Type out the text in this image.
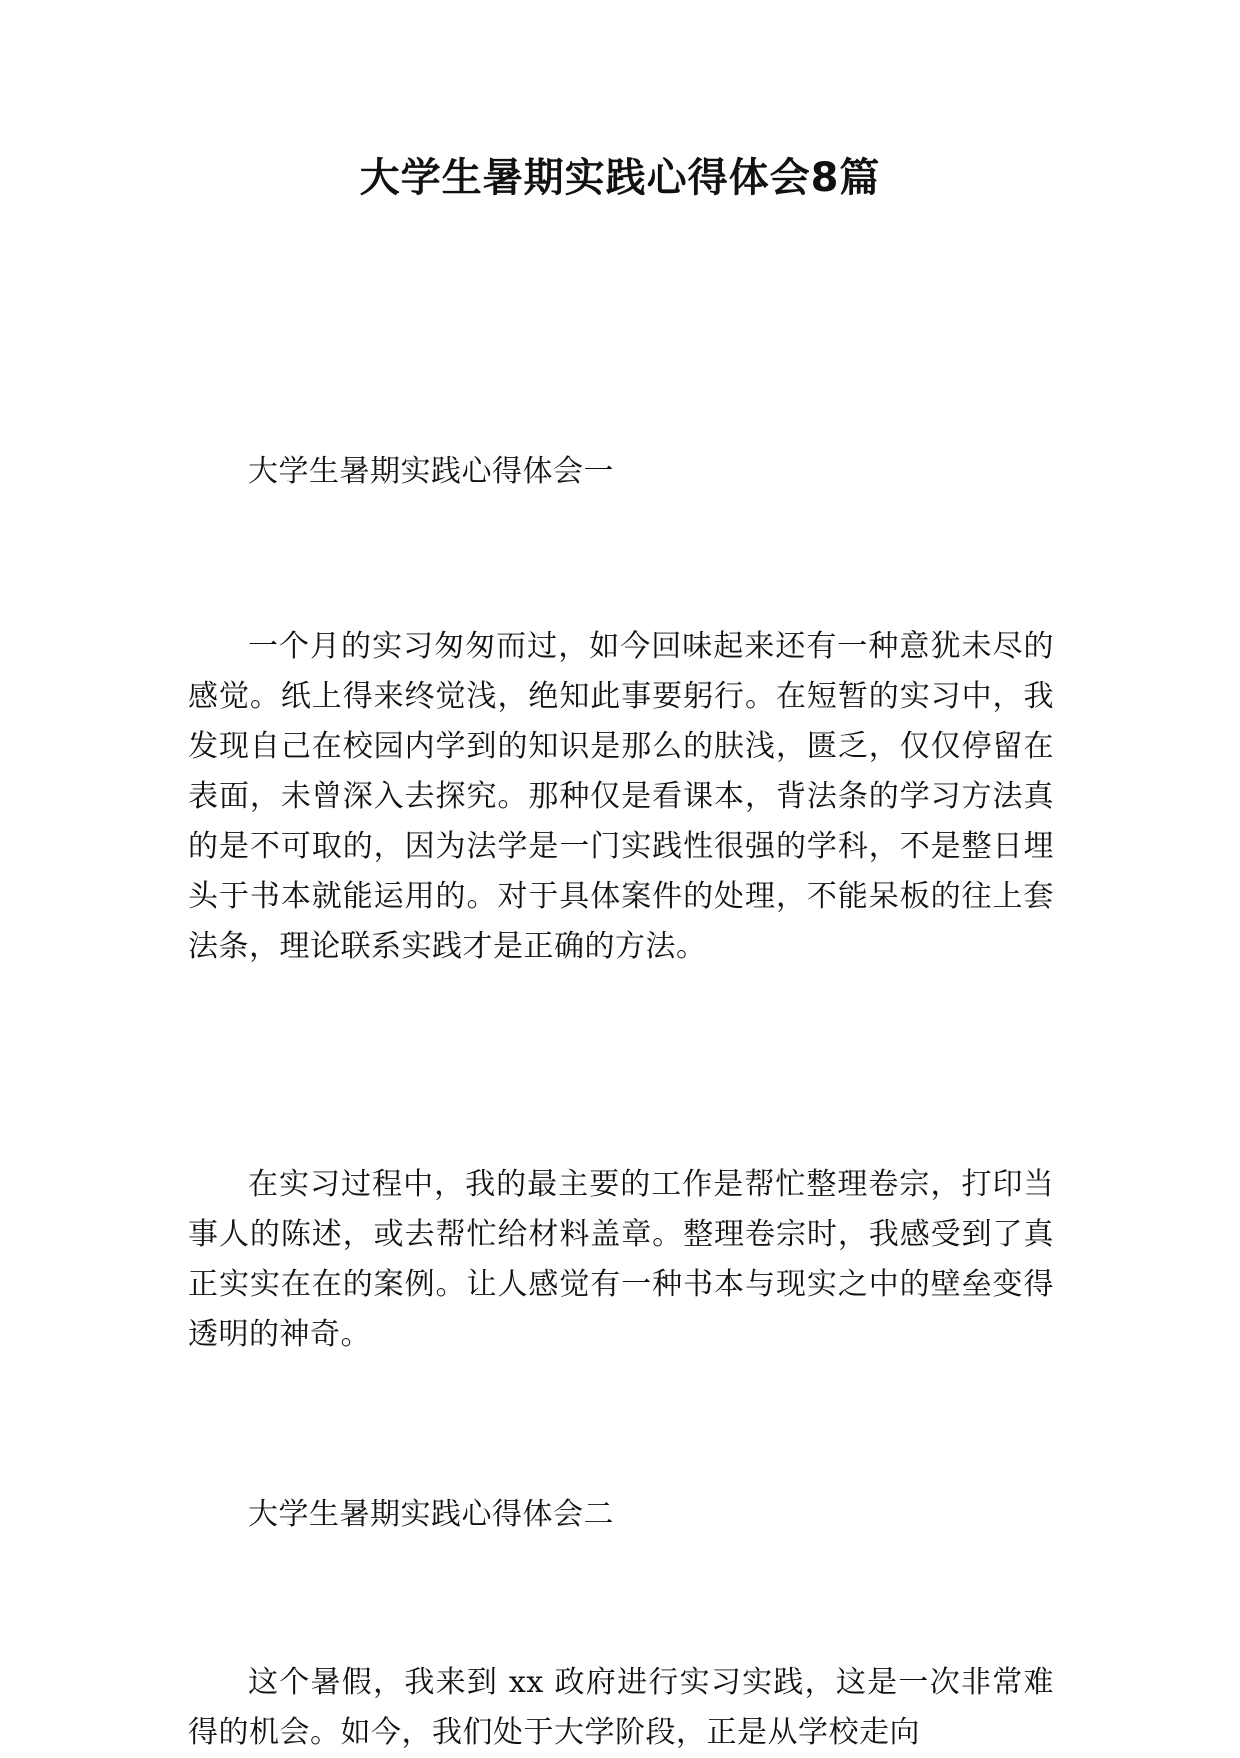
大学生暑期实践心得体会8篇

大学生暑期实践心得体会一

一个月的实习匆匆而过，如今回味起来还有一种意犹未尽的感觉。纸上得来终觉浅，绝知此事要躬行。在短暂的实习中，我发现自己在校园内学到的知识是那么的肤浅，匮乏，仅仅停留在表面，未曾深入去探究。那种仅是看课本，背法条的学习方法真的是不可取的，因为法学是一门实践性很强的学科，不是整日埋头于书本就能运用的。对于具体案件的处理，不能呆板的往上套法条，理论联系实践才是正确的方法。

在实习过程中，我的最主要的工作是帮忙整理卷宗，打印当事人的陈述，或去帮忙给材料盖章。整理卷宗时，我感受到了真正实实在在的案例。让人感觉有一种书本与现实之中的壁垒变得透明的神奇。

大学生暑期实践心得体会二

这个暑假，我来到 xx 政府进行实习实践，这是一次非常难得的机会。如今，我们处于大学阶段，正是从学校走向
